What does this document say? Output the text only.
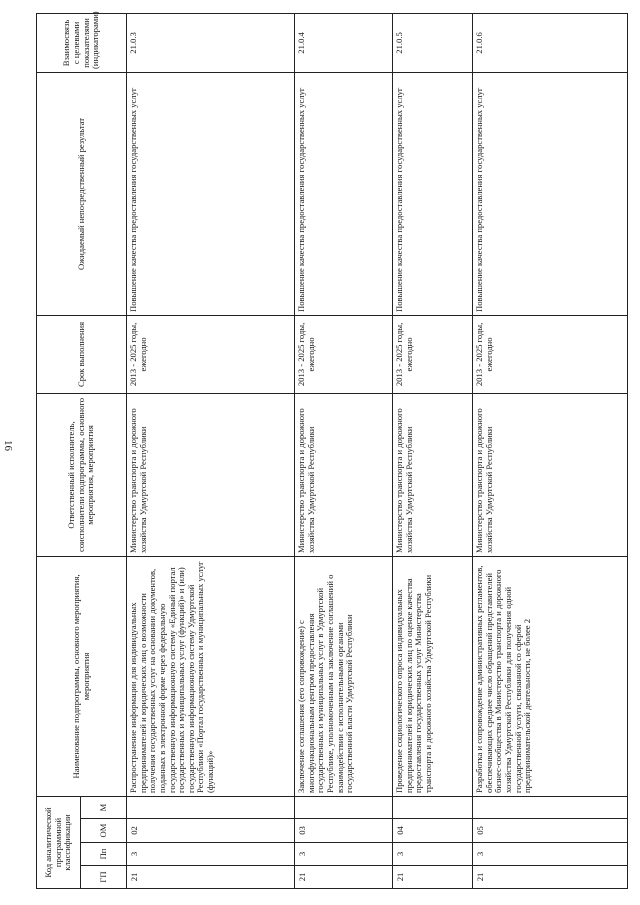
16
Код аналитической программной классификации				Наименование подпрограммы, основного мероприятия, мероприятия	Ответственный исполнитель, соисполнители подпрограммы, основного мероприятия, мероприятия	Срок выполнения	Ожидаемый непосредственный результат	Взаимосвязь с целевыми показателями (индикаторами)
ГП	Пп	ОМ	М					
21	3	02		Распространение информации для индивидуальных предпринимателей и юридических лиц о возможности получения государственных услуг на основании документов, поданных в электронной форме через федеральную государственную информационную систему «Единый портал государственных и муниципальных услуг (функций)» и (или) государственную информационную систему Удмуртской Республики «Портал государственных и муниципальных услуг (функций)»	Министерство транспорта и дорожного хозяйства Удмуртской Республики	2013 - 2025 годы, ежегодно	Повышение качества предоставления государственных услуг	21.0.3
21	3	03		Заключение соглашения (его сопровождение) с многофункциональным центром предоставления государственных и муниципальных услуг в Удмуртской Республике, уполномоченным на заключение соглашений о взаимодействии с исполнительными органами государственной власти Удмуртской Республики	Министерство транспорта и дорожного хозяйства Удмуртской Республики	2013 - 2025 годы, ежегодно	Повышение качества предоставления государственных услуг	21.0.4
21	3	04		Проведение социологического опроса индивидуальных предпринимателей и юридических лиц по оценке качества предоставления государственных услуг Министерства транспорта и дорожного хозяйства Удмуртской Республики	Министерство транспорта и дорожного хозяйства Удмуртской Республики	2013 - 2025 годы, ежегодно	Повышение качества предоставления государственных услуг	21.0.5
21	3	05		Разработка и сопровождение административных регламентов, обеспечивающих среднее число обращений представителей бизнес-сообщества в Министерство транспорта и дорожного хозяйства Удмуртской Республики для получения одной государственной услуги, связанной со сферой предпринимательской деятельности, не более 2	Министерство транспорта и дорожного хозяйства Удмуртской Республики	2013 - 2025 годы, ежегодно	Повышение качества предоставления государственных услуг	21.0.6
